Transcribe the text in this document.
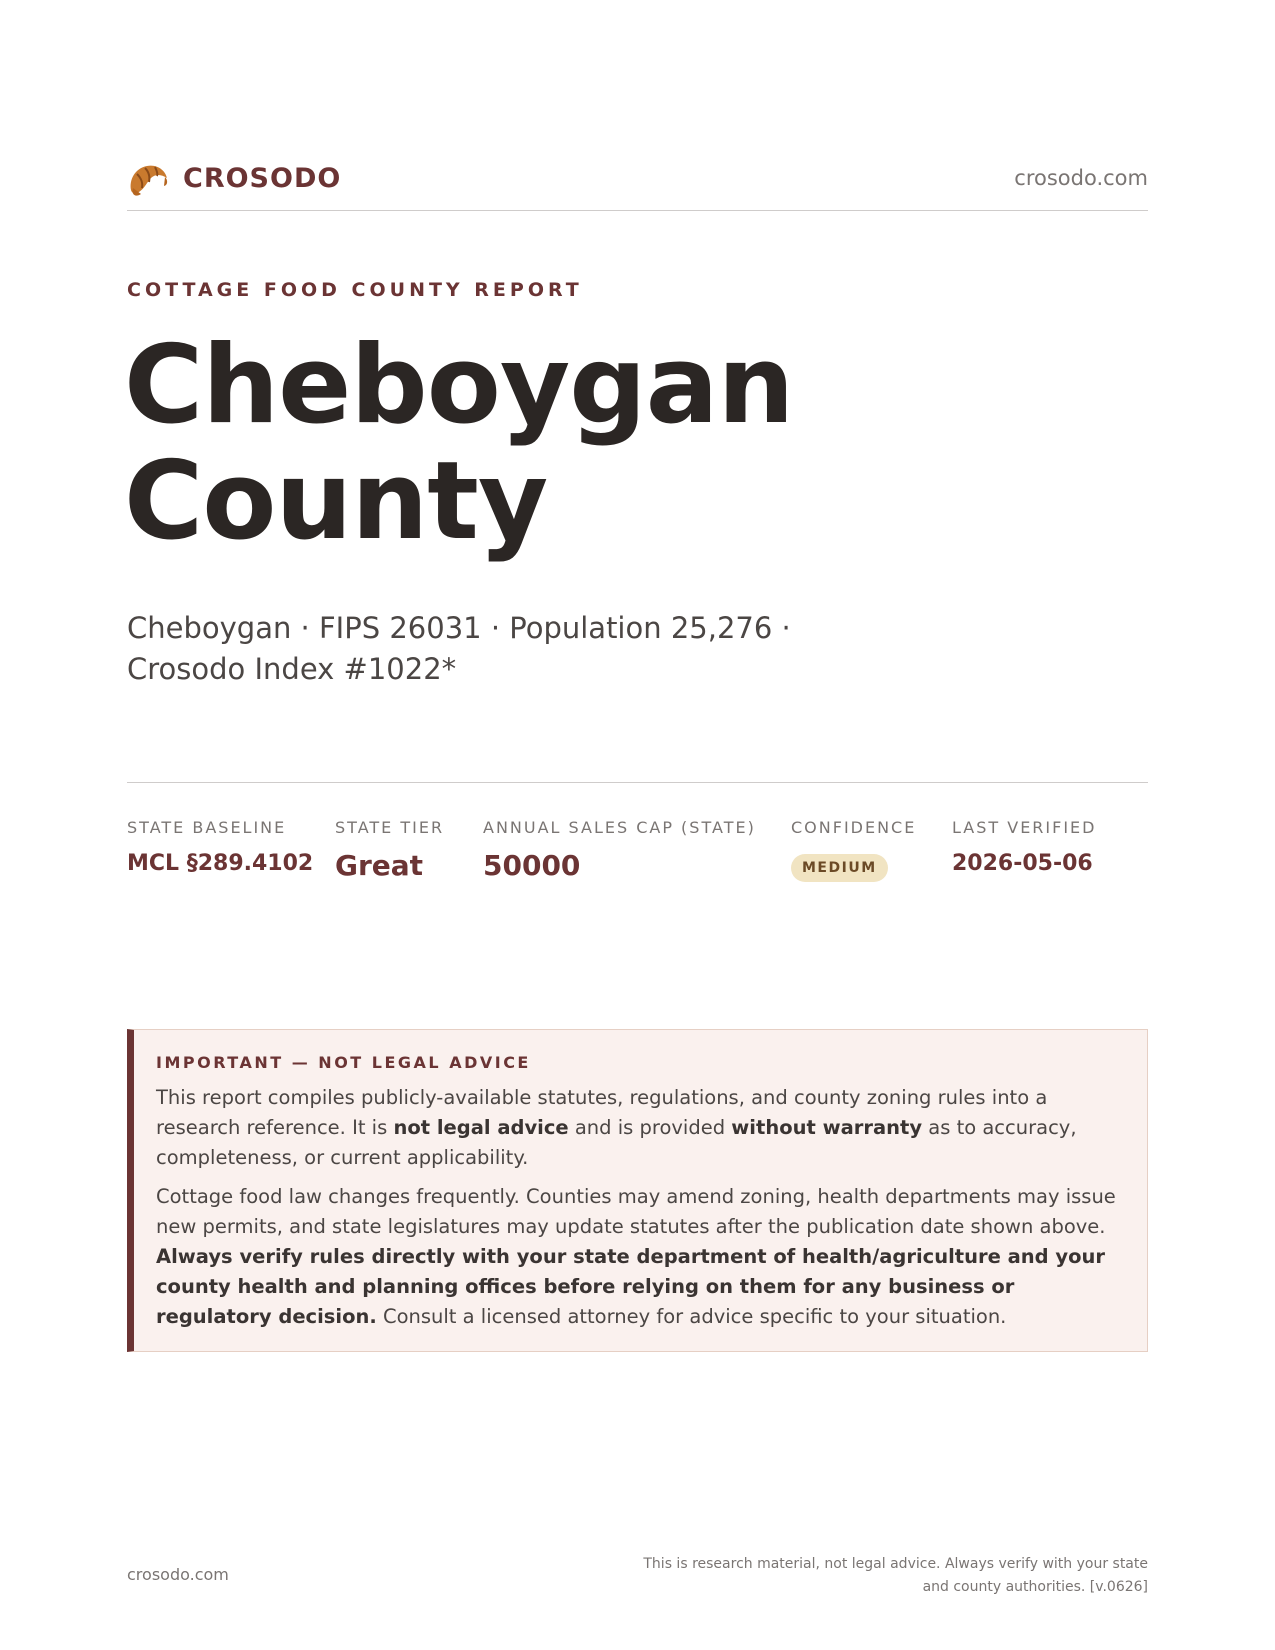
CROSODO	crosodo.com
COTTAGE FOOD COUNTY REPORT
Cheboygan
County
Cheboygan · FIPS 26031 · Population 25,276 · Crosodo Index #1022*
STATE BASELINE
MCL §289.4102
STATE TIER
Great
ANNUAL SALES CAP (STATE)
50000
CONFIDENCE
MEDIUM
LAST VERIFIED
2026-05-06
IMPORTANT — NOT LEGAL ADVICE

This report compiles publicly-available statutes, regulations, and county zoning rules into a research reference. It is not legal advice and is provided without warranty as to accuracy, completeness, or current applicability.

Cottage food law changes frequently. Counties may amend zoning, health departments may issue new permits, and state legislatures may update statutes after the publication date shown above. Always verify rules directly with your state department of health/agriculture and your county health and planning offices before relying on them for any business or regulatory decision. Consult a licensed attorney for advice specific to your situation.

crosodo.com
This is research material, not legal advice. Always verify with your state and county authorities. [v.0626]
